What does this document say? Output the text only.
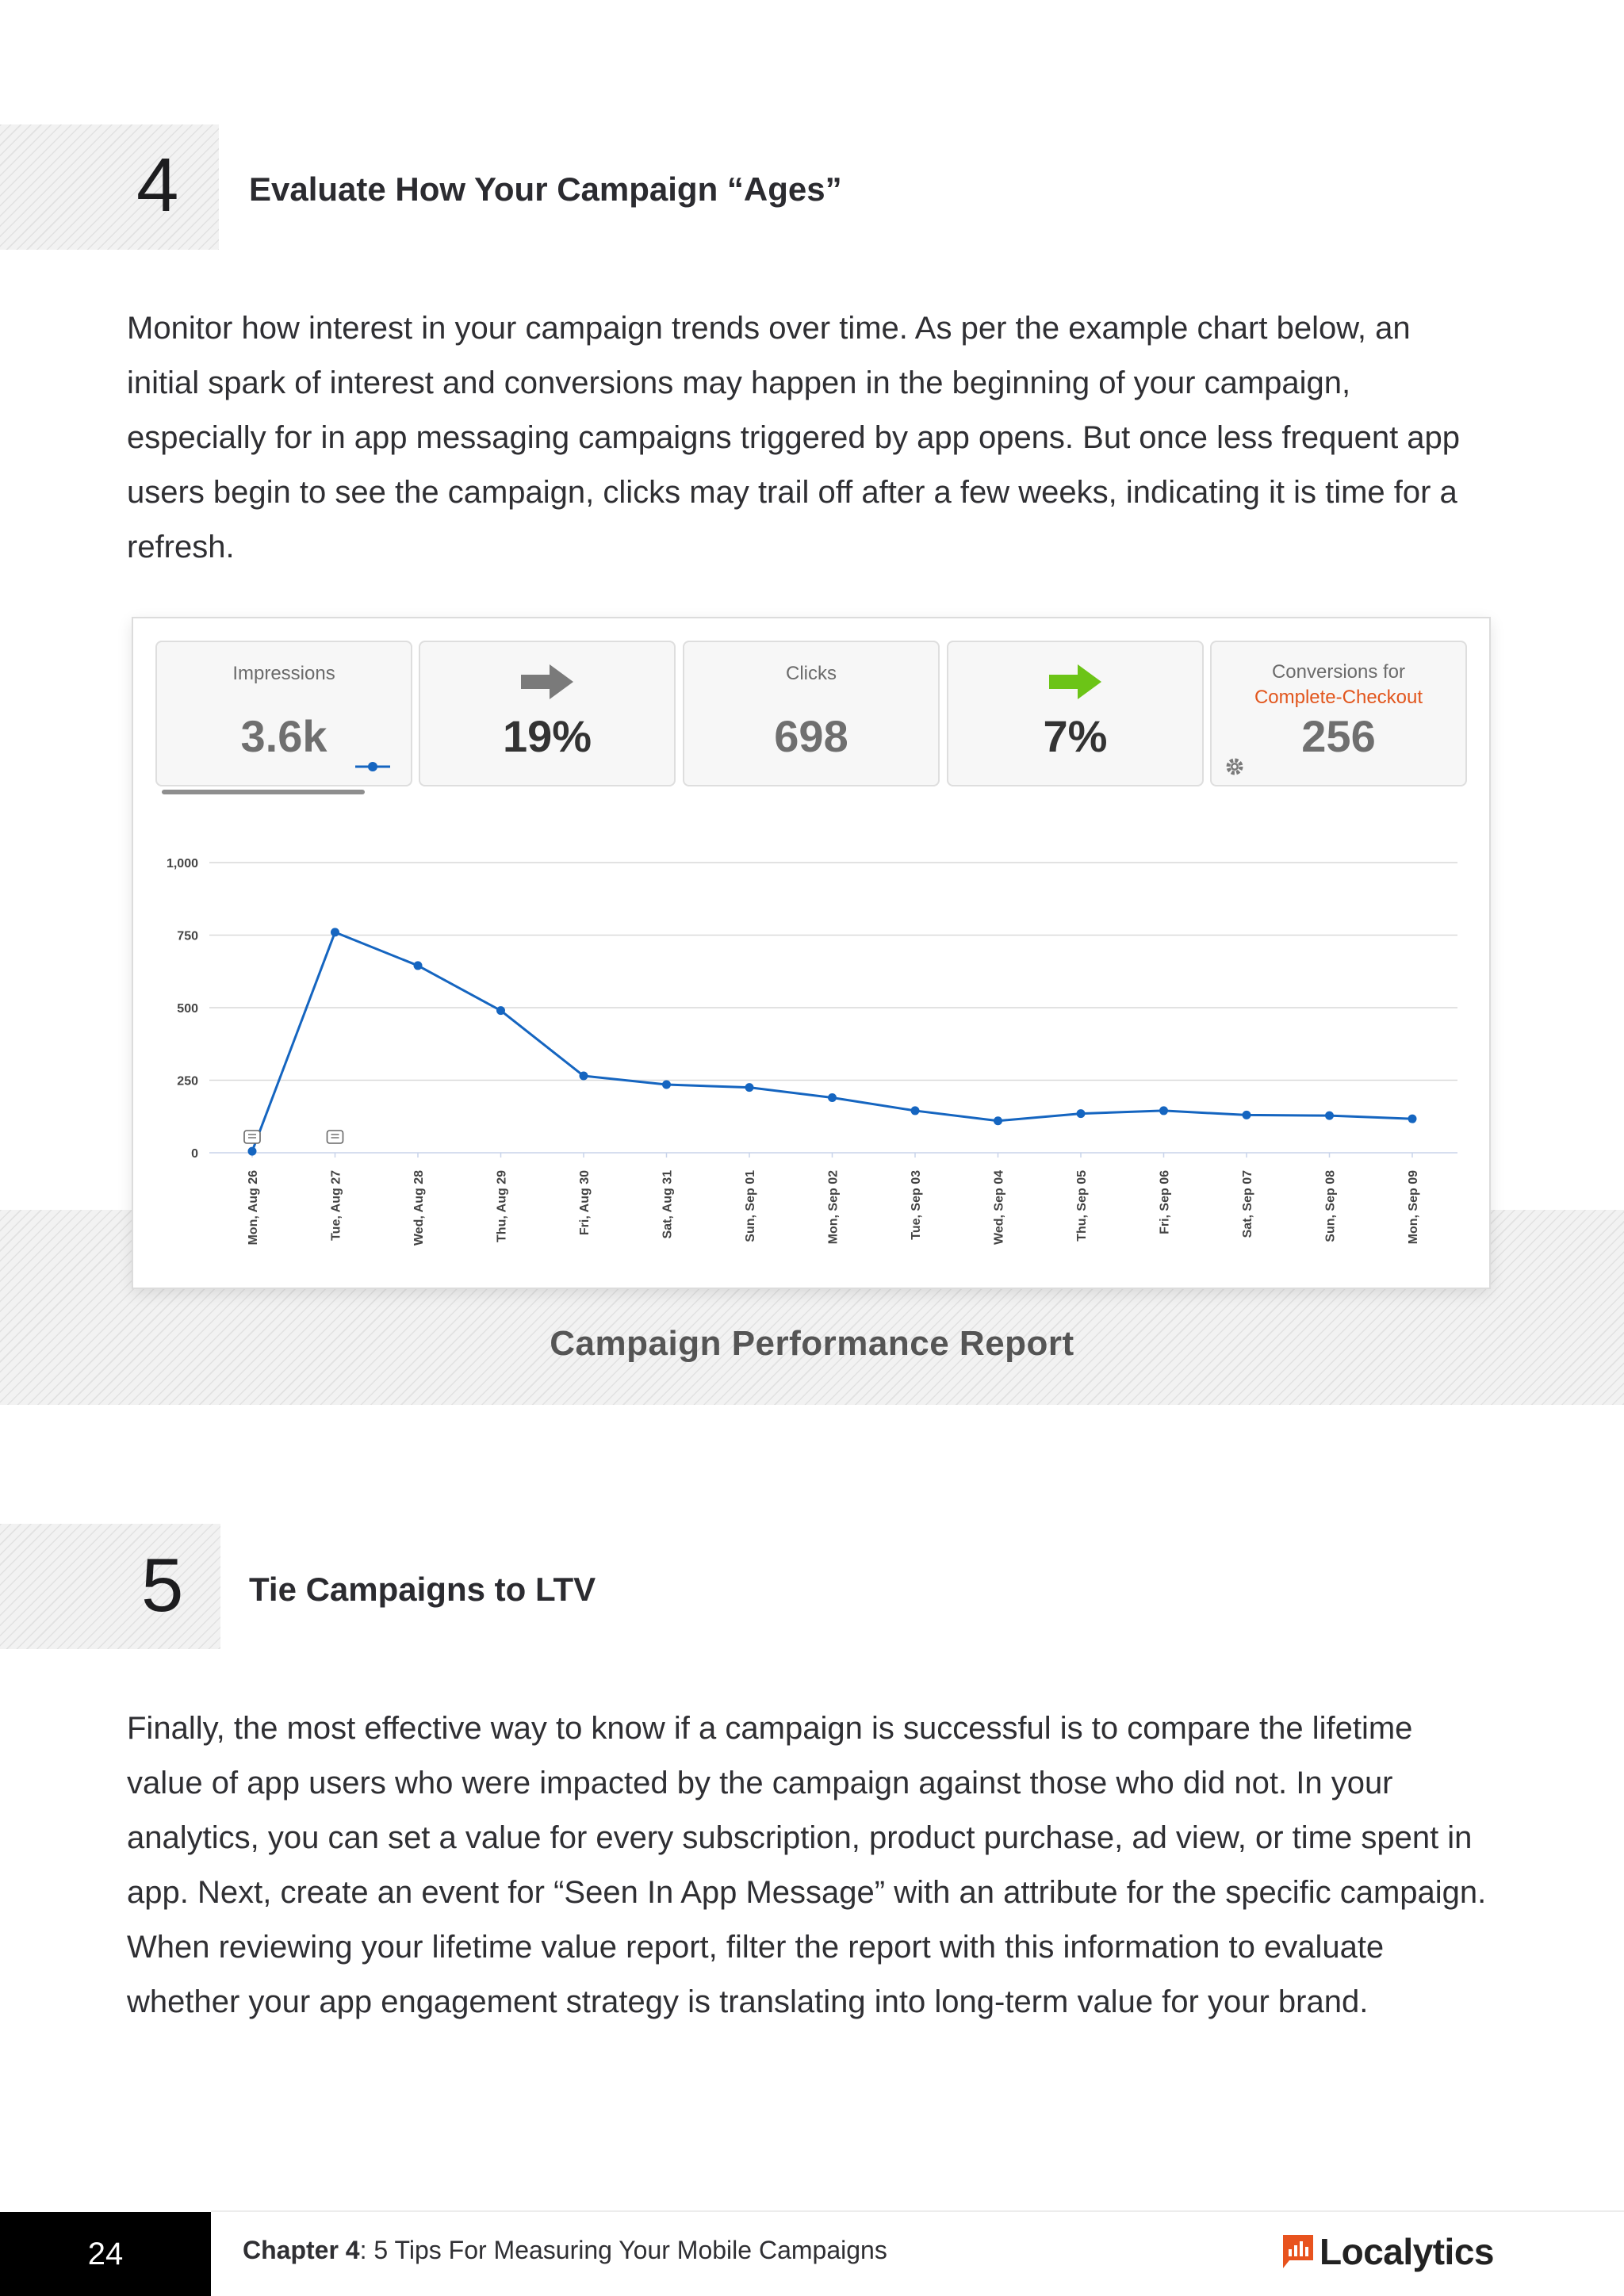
4 Evaluate How Your Campaign “Ages”
Monitor how interest in your campaign trends over time. As per the example chart below, an initial spark of interest and conversions may happen in the beginning of your campaign, especially for in app messaging campaigns triggered by app opens. But once less frequent app users begin to see the campaign, clicks may trail off after a few weeks, indicating it is time for a refresh.
Impressions
3.6k	19%
Clicks
698	7%
Conversions for
Complete-Checkout
256
0
250
500
750
1,000
Mon, Aug 26	Tue, Aug 27	Wed, Aug 28	Thu, Aug 29	Fri, Aug 30	Sat, Aug 31	Sun, Sep 01	Mon, Sep 02	Tue, Sep 03	Wed, Sep 04	Thu, Sep 05	Fri, Sep 06	Sat, Sep 07	Sun, Sep 08	Mon, Sep 09
Campaign Performance Report
5 Tie Campaigns to LTV
Finally, the most effective way to know if a campaign is successful is to compare the lifetime value of app users who were impacted by the campaign against those who did not. In your analytics, you can set a value for every subscription, product purchase, ad view, or time spent in app. Next, create an event for “Seen In App Message” with an attribute for the specific campaign. When reviewing your lifetime value report, filter the report with this information to evaluate whether your app engagement strategy is translating into long-term value for your brand.
24	Chapter 4: 5 Tips For Measuring Your Mobile Campaigns	Localytics
